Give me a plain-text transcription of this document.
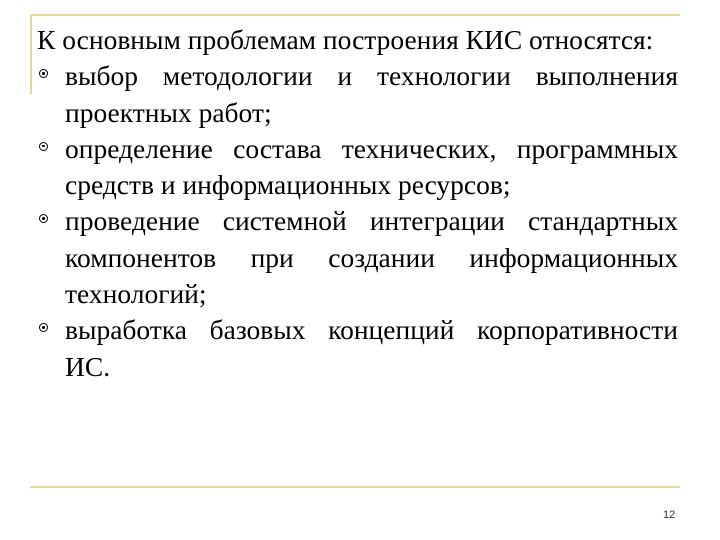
К основным проблемам построения КИС относятся:

выбор методологии и технологии выполнения проектных работ;
определение состава технических, программных средств и информационных ресурсов;
проведение системной интеграции стандартных компонентов при создании информационных технологий;
выработка базовых концепций корпоративности ИС.
12
